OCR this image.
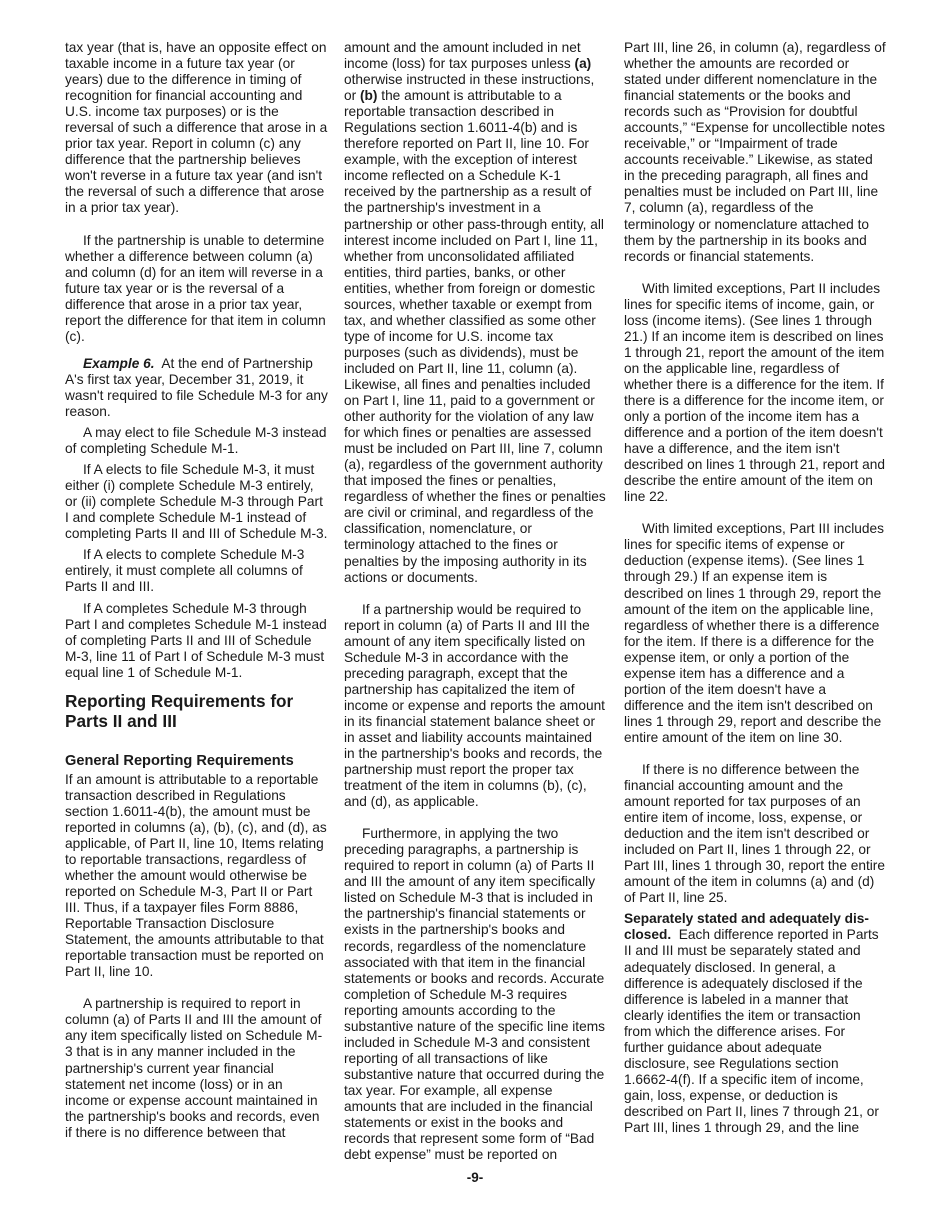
tax year (that is, have an opposite effect on taxable income in a future tax year (or years) due to the difference in timing of recognition for financial accounting and U.S. income tax purposes) or is the reversal of such a difference that arose in a prior tax year. Report in column (c) any difference that the partnership believes won't reverse in a future tax year (and isn't the reversal of such a difference that arose in a prior tax year).

If the partnership is unable to determine whether a difference between column (a) and column (d) for an item will reverse in a future tax year or is the reversal of a difference that arose in a prior tax year, report the difference for that item in column (c).

Example 6. At the end of Partnership A's first tax year, December 31, 2019, it wasn't required to file Schedule M-3 for any reason.

A may elect to file Schedule M-3 instead of completing Schedule M-1.

If A elects to file Schedule M-3, it must either (i) complete Schedule M-3 entirely, or (ii) complete Schedule M-3 through Part I and complete Schedule M-1 instead of completing Parts II and III of Schedule M-3.

If A elects to complete Schedule M-3 entirely, it must complete all columns of Parts II and III.

If A completes Schedule M-3 through Part I and completes Schedule M-1 instead of completing Parts II and III of Schedule M-3, line 11 of Part I of Schedule M-3 must equal line 1 of Schedule M-1.

Reporting Requirements for Parts II and III
General Reporting Requirements

If an amount is attributable to a reportable transaction described in Regulations section 1.6011-4(b), the amount must be reported in columns (a), (b), (c), and (d), as applicable, of Part II, line 10, Items relating to reportable transactions, regardless of whether the amount would otherwise be reported on Schedule M-3, Part II or Part III. Thus, if a taxpayer files Form 8886, Reportable Transaction Disclosure Statement, the amounts attributable to that reportable transaction must be reported on Part II, line 10.

A partnership is required to report in column (a) of Parts II and III the amount of any item specifically listed on Schedule M-3 that is in any manner included in the partnership's current year financial statement net income (loss) or in an income or expense account maintained in the partnership's books and records, even if there is no difference between that

amount and the amount included in net income (loss) for tax purposes unless (a) otherwise instructed in these instructions, or (b) the amount is attributable to a reportable transaction described in Regulations section 1.6011-4(b) and is therefore reported on Part II, line 10. For example, with the exception of interest income reflected on a Schedule K-1 received by the partnership as a result of the partnership's investment in a partnership or other pass-through entity, all interest income included on Part I, line 11, whether from unconsolidated affiliated entities, third parties, banks, or other entities, whether from foreign or domestic sources, whether taxable or exempt from tax, and whether classified as some other type of income for U.S. income tax purposes (such as dividends), must be included on Part II, line 11, column (a). Likewise, all fines and penalties included on Part I, line 11, paid to a government or other authority for the violation of any law for which fines or penalties are assessed must be included on Part III, line 7, column (a), regardless of the government authority that imposed the fines or penalties, regardless of whether the fines or penalties are civil or criminal, and regardless of the classification, nomenclature, or terminology attached to the fines or penalties by the imposing authority in its actions or documents.

If a partnership would be required to report in column (a) of Parts II and III the amount of any item specifically listed on Schedule M-3 in accordance with the preceding paragraph, except that the partnership has capitalized the item of income or expense and reports the amount in its financial statement balance sheet or in asset and liability accounts maintained in the partnership's books and records, the partnership must report the proper tax treatment of the item in columns (b), (c), and (d), as applicable.

Furthermore, in applying the two preceding paragraphs, a partnership is required to report in column (a) of Parts II and III the amount of any item specifically listed on Schedule M-3 that is included in the partnership's financial statements or exists in the partnership's books and records, regardless of the nomenclature associated with that item in the financial statements or books and records. Accurate completion of Schedule M-3 requires reporting amounts according to the substantive nature of the specific line items included in Schedule M-3 and consistent reporting of all transactions of like substantive nature that occurred during the tax year. For example, all expense amounts that are included in the financial statements or exist in the books and records that represent some form of “Bad debt expense” must be reported on

Part III, line 26, in column (a), regardless of whether the amounts are recorded or stated under different nomenclature in the financial statements or the books and records such as “Provision for doubtful accounts,” “Expense for uncollectible notes receivable,” or “Impairment of trade accounts receivable.” Likewise, as stated in the preceding paragraph, all fines and penalties must be included on Part III, line 7, column (a), regardless of the terminology or nomenclature attached to them by the partnership in its books and records or financial statements.

With limited exceptions, Part II includes lines for specific items of income, gain, or loss (income items). (See lines 1 through 21.) If an income item is described on lines 1 through 21, report the amount of the item on the applicable line, regardless of whether there is a difference for the item. If there is a difference for the income item, or only a portion of the income item has a difference and a portion of the item doesn't have a difference, and the item isn't described on lines 1 through 21, report and describe the entire amount of the item on line 22.

With limited exceptions, Part III includes lines for specific items of expense or deduction (expense items). (See lines 1 through 29.) If an expense item is described on lines 1 through 29, report the amount of the item on the applicable line, regardless of whether there is a difference for the item. If there is a difference for the expense item, or only a portion of the expense item has a difference and a portion of the item doesn't have a difference and the item isn't described on lines 1 through 29, report and describe the entire amount of the item on line 30.

If there is no difference between the financial accounting amount and the amount reported for tax purposes of an entire item of income, loss, expense, or deduction and the item isn't described or included on Part II, lines 1 through 22, or Part III, lines 1 through 30, report the entire amount of the item in columns (a) and (d) of Part II, line 25.

Separately stated and adequately disclosed. Each difference reported in Parts II and III must be separately stated and adequately disclosed. In general, a difference is adequately disclosed if the difference is labeled in a manner that clearly identifies the item or transaction from which the difference arises. For further guidance about adequate disclosure, see Regulations section 1.6662-4(f). If a specific item of income, gain, loss, expense, or deduction is described on Part II, lines 7 through 21, or Part III, lines 1 through 29, and the line

-9-
